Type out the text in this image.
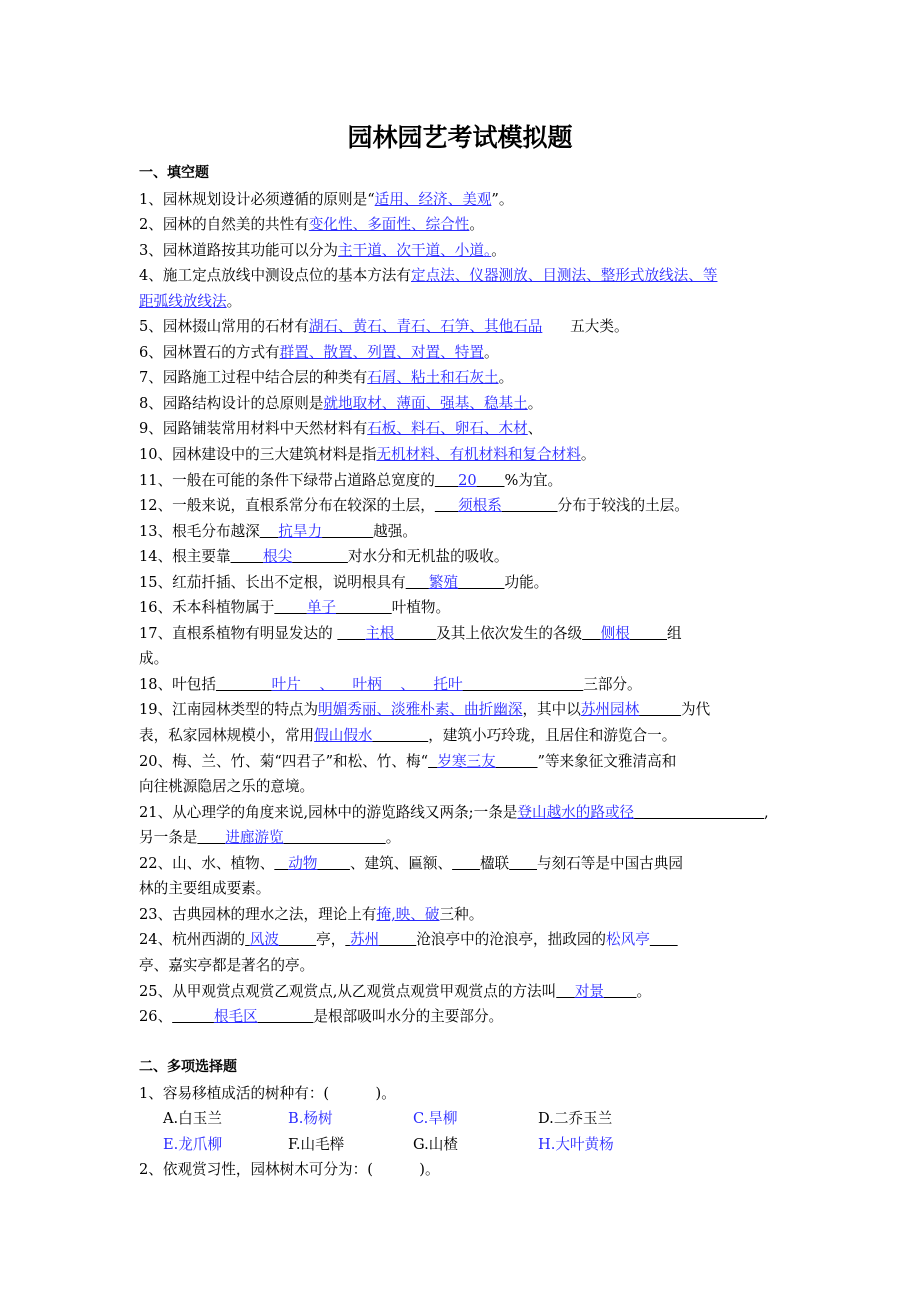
园林园艺考试模拟题
一、填空题
1、园林规划设计必须遵循的原则是“适用、经济、美观”。
2、园林的自然美的共性有变化性、多面性、综合性。
3、园林道路按其功能可以分为主干道、次干道、小道。。
4、施工定点放线中测设点位的基本方法有定点法、仪器测放、目测法、整形式放线法、等
距弧线放线法。
5、园林掇山常用的石材有湖石、黄石、青石、石笋、其他石品      五大类。
6、园林置石的方式有群置、散置、列置、对置、特置。
7、园路施工过程中结合层的种类有石屑、粘土和石灰土。
8、园路结构设计的总原则是就地取材、薄面、强基、稳基土。
9、园路铺装常用材料中天然材料有石板、料石、卵石、木材、
10、园林建设中的三大建筑材料是指无机材料、有机材料和复合材料。
11、一般在可能的条件下绿带占道路总宽度的 20 %为宜。
12、一般来说，直根系常分布在较深的土层， 须根系	分布于较浅的土层。
13、根毛分布越深 抗旱力	越强。
14、根主要靠 根尖	对水分和无机盐的吸收。
15、红茄扦插、长出不定根，说明根具有 繁殖	功能。
16、禾本科植物属于 单子	叶植物。
17、直根系植物有明显发达的       主根	及其上依次发生的各级 侧根	组
成。
18、叶包括	叶片    、    叶柄    、    托叶	三部分。
19、江南园林类型的特点为明媚秀丽、淡雅朴素、曲折幽深，其中以苏州园林	为代
表，私家园林规模小，常用假山假水	，建筑小巧玲珑，且居住和游览合一。
20、梅、兰、竹、菊“四君子”和松、竹、梅“ 岁寒三友	”等来象征文雅清高和
向往桃源隐居之乐的意境。
21、从心理学的角度来说,园林中的游览路线又两条;一条是登山越水的路或径	,
另一条是 进廊游览	。
22、山、水、植物、 动物 、建筑、匾额、 楹联 与刻石等是中国古典园
林的主要组成要素。
23、古典园林的理水之法，理论上有掩,映、破三种。
24、杭州西湖的 风波	亭， 苏州	沧浪亭中的沧浪亭，拙政园的松风亭
亭、嘉实亭都是著名的亭。
25、从甲观赏点观赏乙观赏点,从乙观赏点观赏甲观赏点的方法叫 对景 。
26、	根毛区	是根部吸叫水分的主要部分。
二、多项选择题
1、容易移植成活的树种有：(          )。
A.白玉兰	B.杨树	C.旱柳	D.二乔玉兰
E.龙爪柳	F.山毛榉	G.山楂	H.大叶黄杨
2、依观赏习性，园林树木可分为：(          )。
